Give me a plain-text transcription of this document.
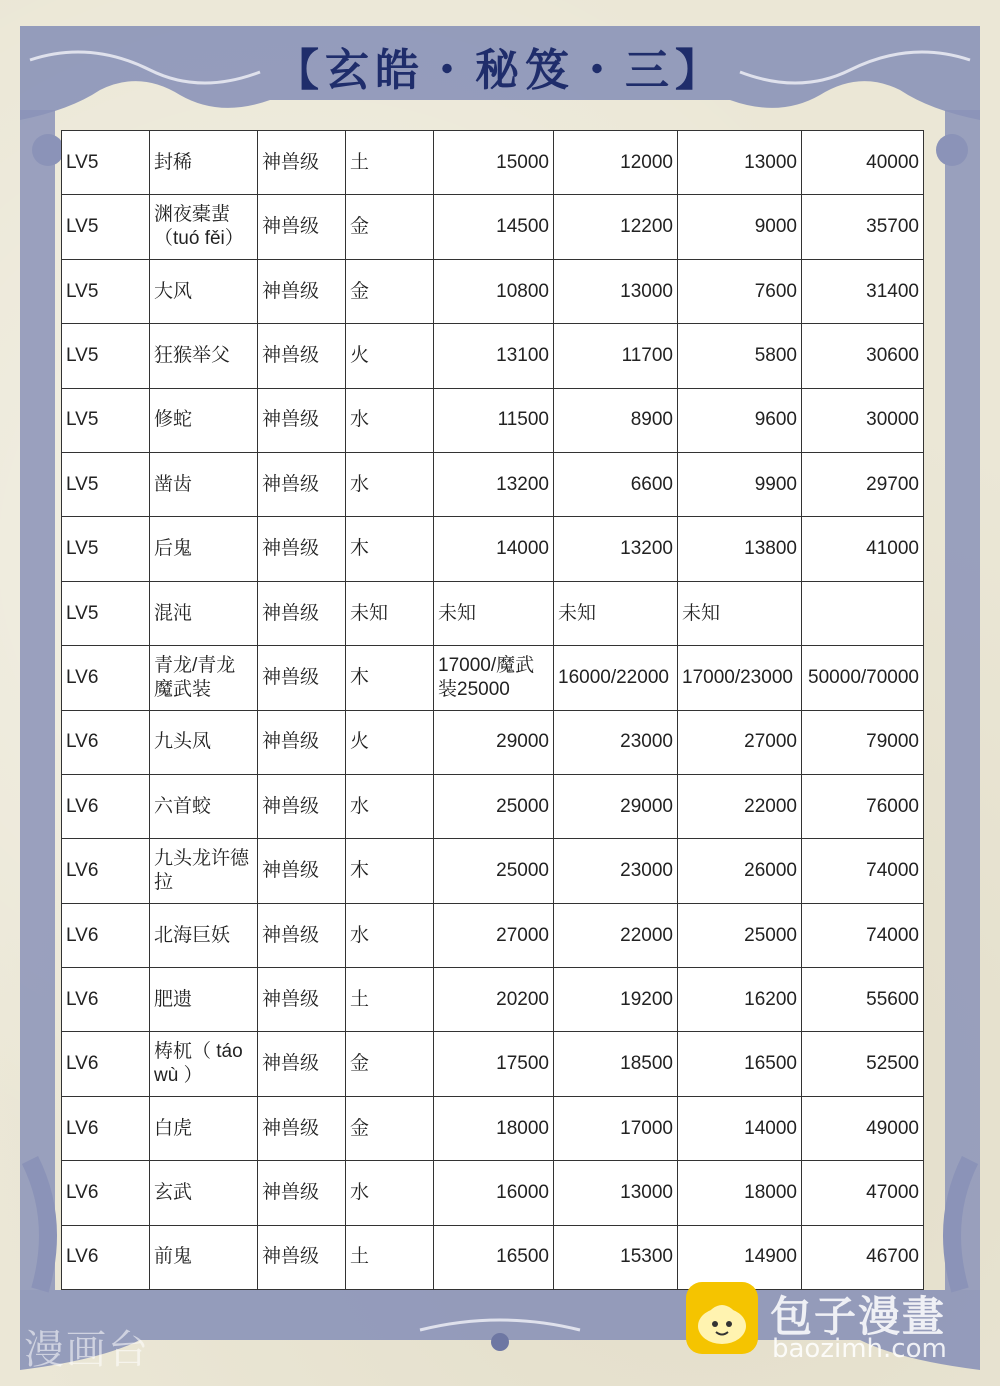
【玄皓・秘笈・三】
LV5	封稀	神兽级	土	15000	12000	13000	40000
LV5	渊夜橐蜚（tuó fěi）	神兽级	金	14500	12200	9000	35700
LV5	大风	神兽级	金	10800	13000	7600	31400
LV5	狂猴举父	神兽级	火	13100	11700	5800	30600
LV5	修蛇	神兽级	水	11500	8900	9600	30000
LV5	凿齿	神兽级	水	13200	6600	9900	29700
LV5	后鬼	神兽级	木	14000	13200	13800	41000
LV5	混沌	神兽级	未知	未知	未知	未知	
LV6	青龙/青龙魔武装	神兽级	木	17000/魔武装25000	16000/22000	17000/23000	50000/70000
LV6	九头凤	神兽级	火	29000	23000	27000	79000
LV6	六首蛟	神兽级	水	25000	29000	22000	76000
LV6	九头龙许德拉	神兽级	木	25000	23000	26000	74000
LV6	北海巨妖	神兽级	水	27000	22000	25000	74000
LV6	肥遗	神兽级	土	20200	19200	16200	55600
LV6	梼杌（ táo wù ）	神兽级	金	17500	18500	16500	52500
LV6	白虎	神兽级	金	18000	17000	14000	49000
LV6	玄武	神兽级	水	16000	13000	18000	47000
LV6	前鬼	神兽级	土	16500	15300	14900	46700
漫画台
包子漫畫
baozimh.com
